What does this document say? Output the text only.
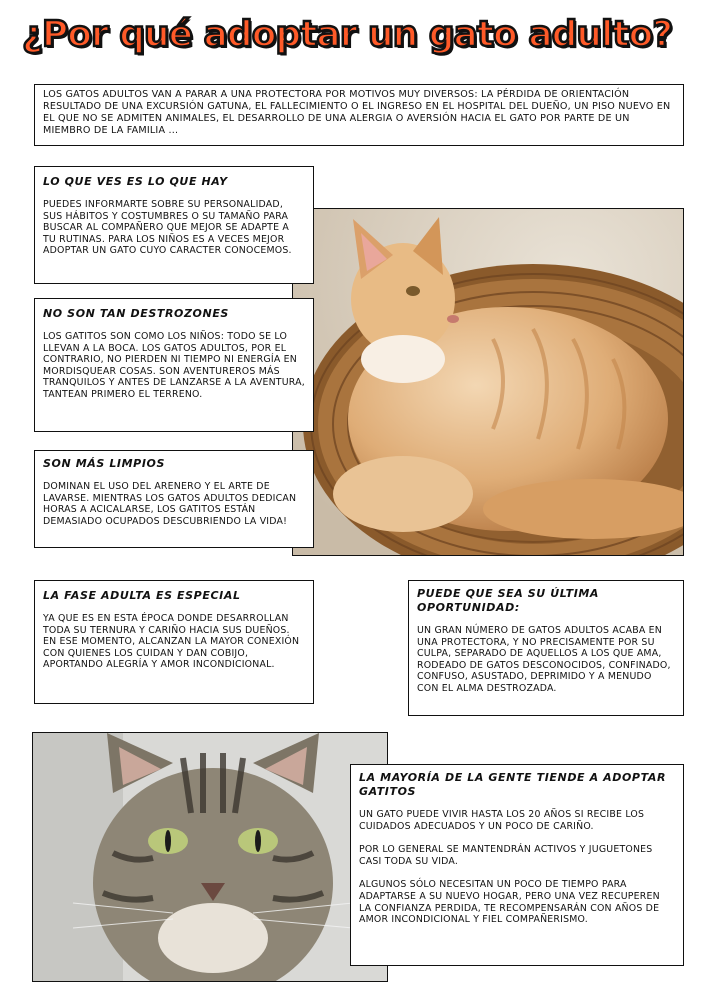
¿Por qué adoptar un gato adulto?

LOS GATOS ADULTOS VAN A PARAR A UNA PROTECTORA POR MOTIVOS MUY DIVERSOS: LA PÉRDIDA DE ORIENTACIÓN RESULTADO DE UNA EXCURSIÓN GATUNA, EL FALLECIMIENTO O EL INGRESO EN EL HOSPITAL DEL DUEÑO, UN PISO NUEVO EN EL QUE NO SE ADMITEN ANIMALES, EL DESARROLLO DE UNA ALERGIA O AVERSIÓN HACIA EL GATO POR PARTE DE UN MIEMBRO DE LA FAMILIA ...

LO QUE VES ES LO QUE HAY

PUEDES INFORMARTE SOBRE SU PERSONALIDAD, SUS HÁBITOS Y COSTUMBRES O SU TAMAÑO PARA BUSCAR AL COMPAÑERO QUE MEJOR SE ADAPTE A TU RUTINAS. PARA LOS NIÑOS ES A VECES MEJOR ADOPTAR UN GATO CUYO CARACTER CONOCEMOS.

NO SON TAN DESTROZONES

LOS GATITOS SON COMO LOS NIÑOS: TODO SE LO LLEVAN A LA BOCA. LOS GATOS ADULTOS, POR EL CONTRARIO, NO PIERDEN NI TIEMPO NI ENERGÍA EN MORDISQUEAR COSAS. SON AVENTUREROS MÁS TRANQUILOS Y ANTES DE LANZARSE A LA AVENTURA, TANTEAN PRIMERO EL TERRENO.

SON MÁS LIMPIOS

DOMINAN EL USO DEL ARENERO Y EL ARTE DE LAVARSE. MIENTRAS LOS GATOS ADULTOS DEDICAN HORAS A ACICALARSE, LOS GATITOS ESTÁN DEMASIADO OCUPADOS DESCUBRIENDO LA VIDA!

LA FASE ADULTA ES ESPECIAL

YA QUE ES EN ESTA ÉPOCA DONDE DESARROLLAN TODA SU TERNURA Y CARIÑO HACIA SUS DUEÑOS. EN ESE MOMENTO, ALCANZAN LA MAYOR CONEXIÓN CON QUIENES LOS CUIDAN Y DAN COBIJO, APORTANDO ALEGRÍA Y AMOR INCONDICIONAL.

PUEDE QUE SEA SU ÚLTIMA OPORTUNIDAD:

UN GRAN NÚMERO DE GATOS ADULTOS ACABA EN UNA PROTECTORA, Y NO PRECISAMENTE POR SU CULPA, SEPARADO DE AQUELLOS A LOS QUE AMA, RODEADO DE GATOS DESCONOCIDOS, CONFINADO, CONFUSO, ASUSTADO, DEPRIMIDO Y A MENUDO CON EL ALMA DESTROZADA.

LA MAYORÍA DE LA GENTE TIENDE A ADOPTAR GATITOS

UN GATO PUEDE VIVIR HASTA LOS 20 AÑOS SI RECIBE LOS CUIDADOS ADECUADOS Y UN POCO DE CARIÑO.

POR LO GENERAL SE MANTENDRÁN ACTIVOS Y JUGUETONES CASI TODA SU VIDA.

ALGUNOS SÓLO NECESITAN UN POCO DE TIEMPO PARA ADAPTARSE A SU NUEVO HOGAR, PERO UNA VEZ RECUPEREN LA CONFIANZA PERDIDA, TE RECOMPENSARÁN CON AÑOS DE AMOR INCONDICIONAL Y FIEL COMPAÑERISMO.
